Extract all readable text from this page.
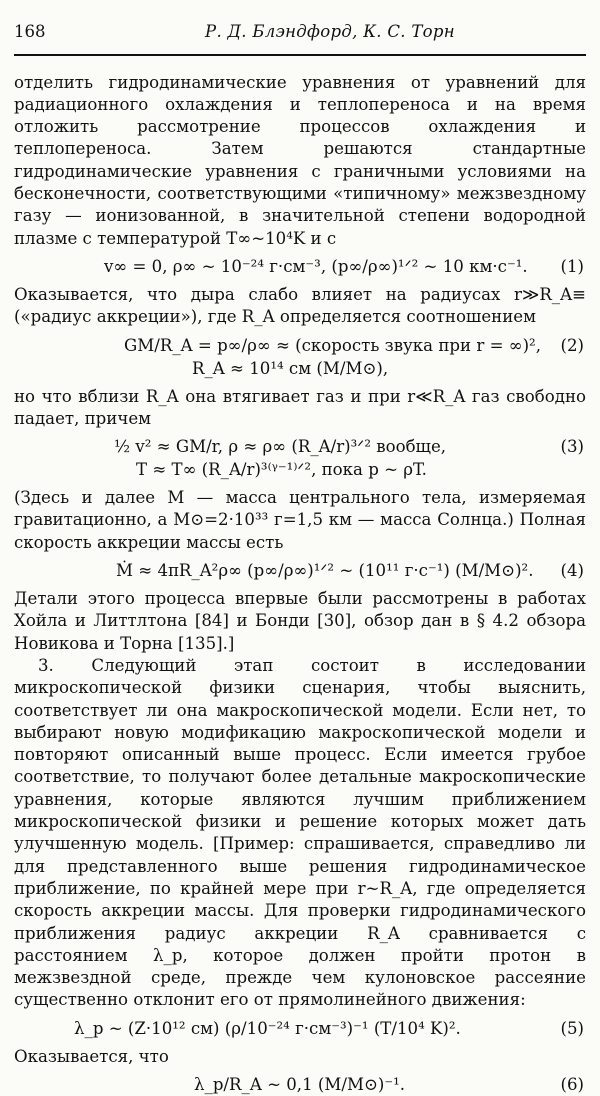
168	Р. Д. Блэндфорд, К. С. Торн

отделить гидродинамические уравнения от уравнений для радиационного охлаждения и теплопереноса и на время отложить рассмотрение процессов охлаждения и теплопереноса. Затем решаются стандартные гидродинамические уравнения с граничными условиями на бесконечности, соответствующими «типичному» межзвездному газу — ионизованной, в значительной степени водородной плазме с температурой T∞~10⁴K и с

v∞ = 0, ρ∞ ~ 10⁻²⁴ г·см⁻³, (p∞/ρ∞)¹ᐟ² ~ 10 км·с⁻¹.	(1)

Оказывается, что дыра слабо влияет на радиусах r≫R_A≡ («радиус аккреции»), где R_A определяется соотношением

GM/R_A = p∞/ρ∞ ≈ (скорость звука при r = ∞)²,
R_A ≈ 10¹⁴ см (M/M⊙),
(2)

но что вблизи R_A она втягивает газ и при r≪R_A газ свободно падает, причем

½ v² ≈ GM/r, ρ ≈ ρ∞ (R_A/r)³ᐟ² вообще,
T ≈ T∞ (R_A/r)³⁽ᵞ⁻¹⁾ᐟ², пока p ~ ρT.
(3)

(Здесь и далее M — масса центрального тела, измеряемая гравитационно, а M⊙=2·10³³ г=1,5 км — масса Солнца.) Полная скорость аккреции массы есть

Ṁ ≈ 4πR_A²ρ∞ (p∞/ρ∞)¹ᐟ² ~ (10¹¹ г·с⁻¹) (M/M⊙)².	(4)

Детали этого процесса впервые были рассмотрены в работах Хойла и Литтлтона [84] и Бонди [30], обзор дан в § 4.2 обзора Новикова и Торна [135].]

3. Следующий этап состоит в исследовании микроскопической физики сценария, чтобы выяснить, соответствует ли она макроскопической модели. Если нет, то выбирают новую модификацию макроскопической модели и повторяют описанный выше процесс. Если имеется грубое соответствие, то получают более детальные макроскопические уравнения, которые являются лучшим приближением микроскопической физики и решение которых может дать улучшенную модель. [Пример: спрашивается, справедливо ли для представленного выше решения гидродинамическое приближение, по крайней мере при r~R_A, где определяется скорость аккреции массы. Для проверки гидродинамического приближения радиус аккреции R_A сравнивается с расстоянием λ_p, которое должен пройти протон в межзвездной среде, прежде чем кулоновское рассеяние существенно отклонит его от прямолинейного движения:

λ_p ~ (Z·10¹² см) (ρ/10⁻²⁴ г·см⁻³)⁻¹ (T/10⁴ K)².	(5)

Оказывается, что

λ_p/R_A ~ 0,1 (M/M⊙)⁻¹.	(6)
